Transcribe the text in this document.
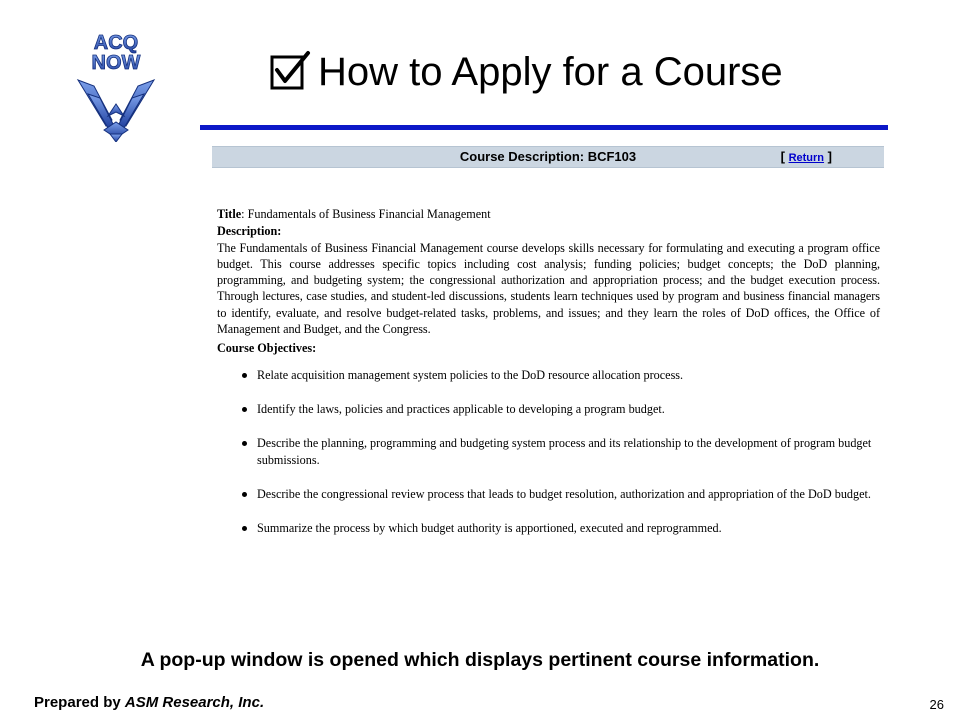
ACQ
NOW	How to Apply for a Course
Course Description: BCF103	[ Return ]

Title: Fundamentals of Business Financial Management

Description:

The Fundamentals of Business Financial Management course develops skills necessary for formulating and executing a program office budget. This course addresses specific topics including cost analysis; funding policies; budget concepts; the DoD planning, programming, and budgeting system; the congressional authorization and appropriation process; and the budget execution process. Through lectures, case studies, and student-led discussions, students learn techniques used by program and business financial managers to identify, evaluate, and resolve budget-related tasks, problems, and issues; and they learn the roles of DoD offices, the Office of Management and Budget, and the Congress.

Course Objectives:

Relate acquisition management system policies to the DoD resource allocation process.
Identify the laws, policies and practices applicable to developing a program budget.
Describe the planning, programming and budgeting system process and its relationship to the development of program budget submissions.
Describe the congressional review process that leads to budget resolution, authorization and appropriation of the DoD budget.
Summarize the process by which budget authority is apportioned, executed and reprogrammed.
A pop-up window is opened which displays pertinent course information.
Prepared by ASM Research, Inc.	26
